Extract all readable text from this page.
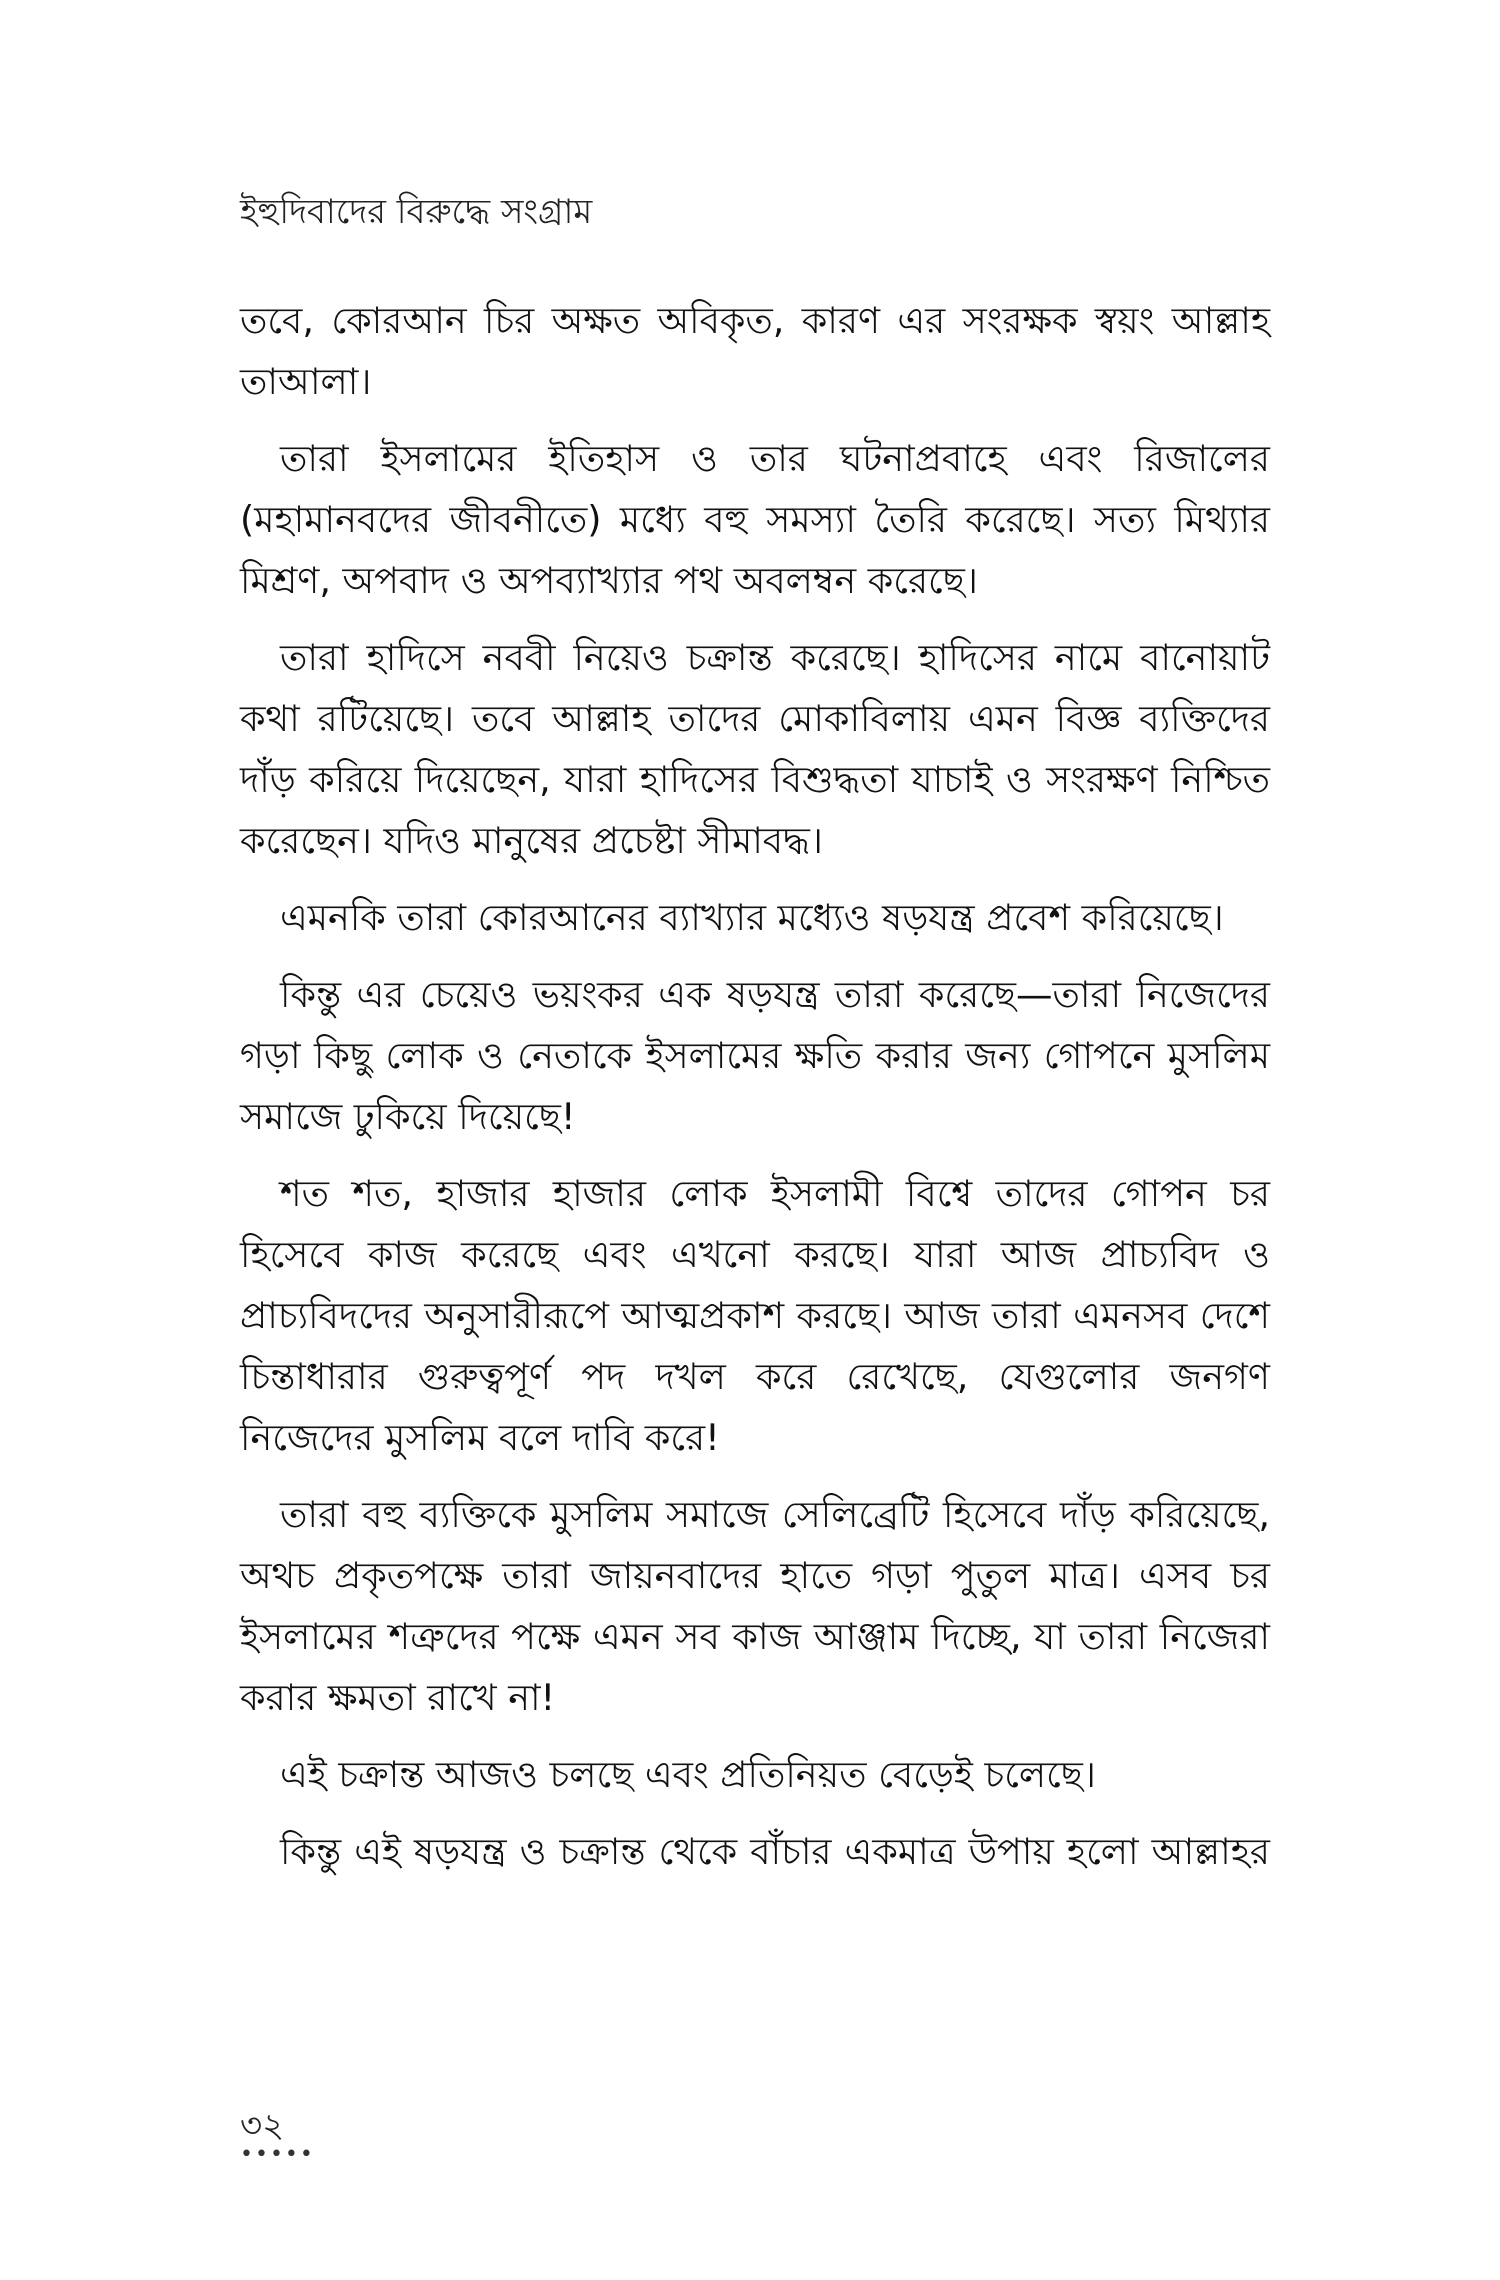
ইহুদিবাদের বিরুদ্ধে সংগ্রাম

তবে, কোরআন চির অক্ষত অবিকৃত, কারণ এর সংরক্ষক স্বয়ং আল্লাহ তাআলা।

তারা ইসলামের ইতিহাস ও তার ঘটনাপ্রবাহে এবং রিজালের (মহামানবদের জীবনীতে) মধ্যে বহু সমস্যা তৈরি করেছে। সত্য মিথ্যার মিশ্রণ, অপবাদ ও অপব্যাখ্যার পথ অবলম্বন করেছে।

তারা হাদিসে নববী নিয়েও চক্রান্ত করেছে। হাদিসের নামে বানোয়াট কথা রটিয়েছে। তবে আল্লাহ তাদের মোকাবিলায় এমন বিজ্ঞ ব্যক্তিদের দাঁড় করিয়ে দিয়েছেন, যারা হাদিসের বিশুদ্ধতা যাচাই ও সংরক্ষণ নিশ্চিত করেছেন। যদিও মানুষের প্রচেষ্টা সীমাবদ্ধ।

এমনকি তারা কোরআনের ব্যাখ্যার মধ্যেও ষড়যন্ত্র প্রবেশ করিয়েছে।

কিন্তু এর চেয়েও ভয়ংকর এক ষড়যন্ত্র তারা করেছে—তারা নিজেদের গড়া কিছু লোক ও নেতাকে ইসলামের ক্ষতি করার জন্য গোপনে মুসলিম সমাজে ঢুকিয়ে দিয়েছে!

শত শত, হাজার হাজার লোক ইসলামী বিশ্বে তাদের গোপন চর হিসেবে কাজ করেছে এবং এখনো করছে। যারা আজ প্রাচ্যবিদ ও প্রাচ্যবিদদের অনুসারীরূপে আত্মপ্রকাশ করছে। আজ তারা এমনসব দেশে চিন্তাধারার গুরুত্বপূর্ণ পদ দখল করে রেখেছে, যেগুলোর জনগণ নিজেদের মুসলিম বলে দাবি করে!

তারা বহু ব্যক্তিকে মুসলিম সমাজে সেলিব্রেটি হিসেবে দাঁড় করিয়েছে, অথচ প্রকৃতপক্ষে তারা জায়নবাদের হাতে গড়া পুতুল মাত্র। এসব চর ইসলামের শত্রুদের পক্ষে এমন সব কাজ আঞ্জাম দিচ্ছে, যা তারা নিজেরা করার ক্ষমতা রাখে না!

এই চক্রান্ত আজও চলছে এবং প্রতিনিয়ত বেড়েই চলেছে।

কিন্তু এই ষড়যন্ত্র ও চক্রান্ত থেকে বাঁচার একমাত্র উপায় হলো আল্লাহর

৩২
•••••
